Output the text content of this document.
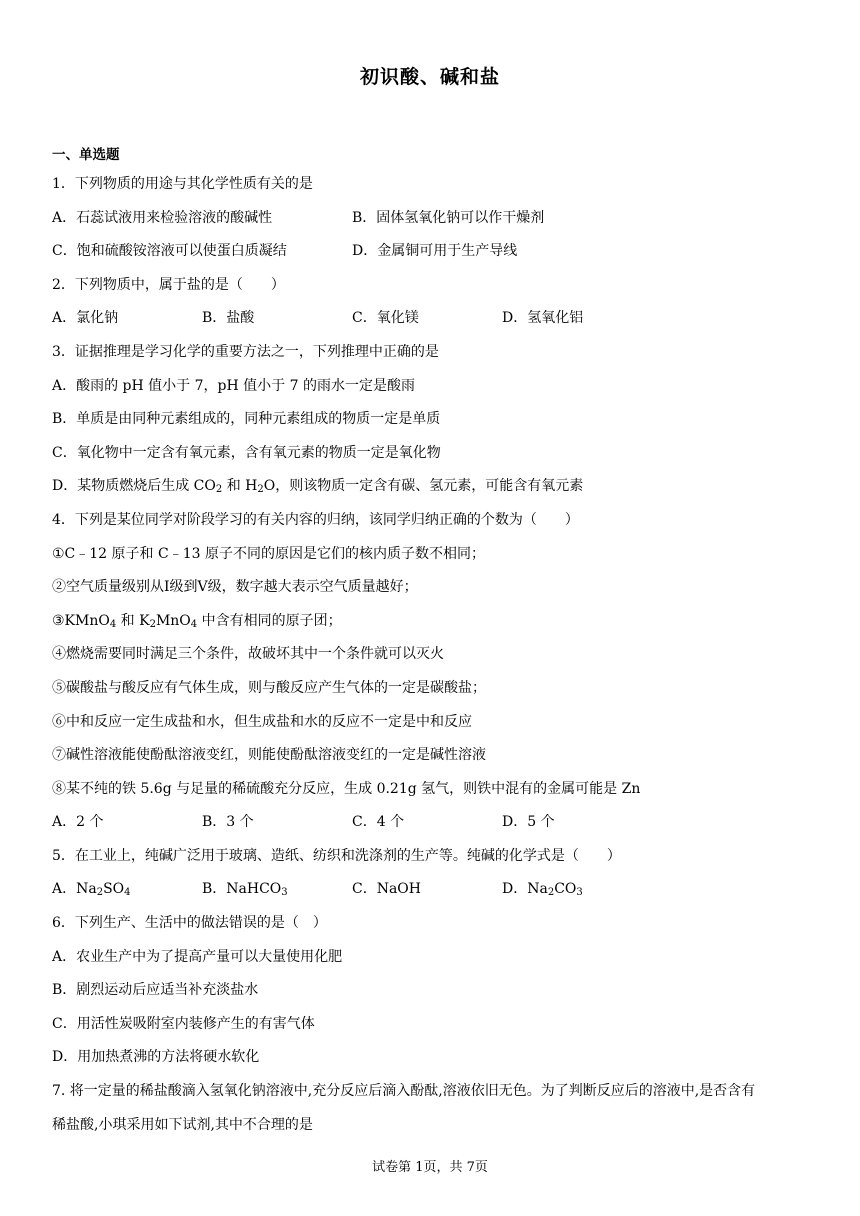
初识酸、碱和盐
一、单选题
1．下列物质的用途与其化学性质有关的是
A．石蕊试液用来检验溶液的酸碱性	B．固体氢氧化钠可以作干燥剂
C．饱和硫酸铵溶液可以使蛋白质凝结	D．金属铜可用于生产导线
2．下列物质中，属于盐的是（　　）
A．氯化钠	B．盐酸	C．氧化镁	D．氢氧化铝
3．证据推理是学习化学的重要方法之一，下列推理中正确的是
A．酸雨的 pH 值小于 7，pH 值小于 7 的雨水一定是酸雨
B．单质是由同种元素组成的，同种元素组成的物质一定是单质
C．氧化物中一定含有氧元素，含有氧元素的物质一定是氧化物
D．某物质燃烧后生成 $CO_2$ 和 $H_2O$，则该物质一定含有碳、氢元素，可能含有氧元素
4．下列是某位同学对阶段学习的有关内容的归纳，该同学归纳正确的个数为（　　）
①C﹣12 原子和 C﹣13 原子不同的原因是它们的核内质子数不相同；
②空气质量级别从Ⅰ级到Ⅴ级，数字越大表示空气质量越好；
③KMnO$_4$ 和 $K_2MnO_4$ 中含有相同的原子团；
④燃烧需要同时满足三个条件，故破坏其中一个条件就可以灭火
⑤碳酸盐与酸反应有气体生成，则与酸反应产生气体的一定是碳酸盐；
⑥中和反应一定生成盐和水，但生成盐和水的反应不一定是中和反应
⑦碱性溶液能使酚酞溶液变红，则能使酚酞溶液变红的一定是碱性溶液
⑧某不纯的铁 5.6g 与足量的稀硫酸充分反应，生成 0.21g 氢气，则铁中混有的金属可能是 Zn
A．2 个	B．3 个	C．4 个	D．5 个
5．在工业上，纯碱广泛用于玻璃、造纸、纺织和洗涤剂的生产等。纯碱的化学式是（　　）
A．$Na_2SO_4$	B．NaHCO$_3$	C．NaOH	D．$Na_2CO_3$
6．下列生产、生活中的做法错误的是（　）
A．农业生产中为了提高产量可以大量使用化肥
B．剧烈运动后应适当补充淡盐水
C．用活性炭吸附室内装修产生的有害气体
D．用加热煮沸的方法将硬水软化
7. 将一定量的稀盐酸滴入氢氧化钠溶液中,充分反应后滴入酚酞,溶液依旧无色。为了判断反应后的溶液中,是否含有
稀盐酸,小琪采用如下试剂,其中不合理的是
试卷第 1页，共 7页
